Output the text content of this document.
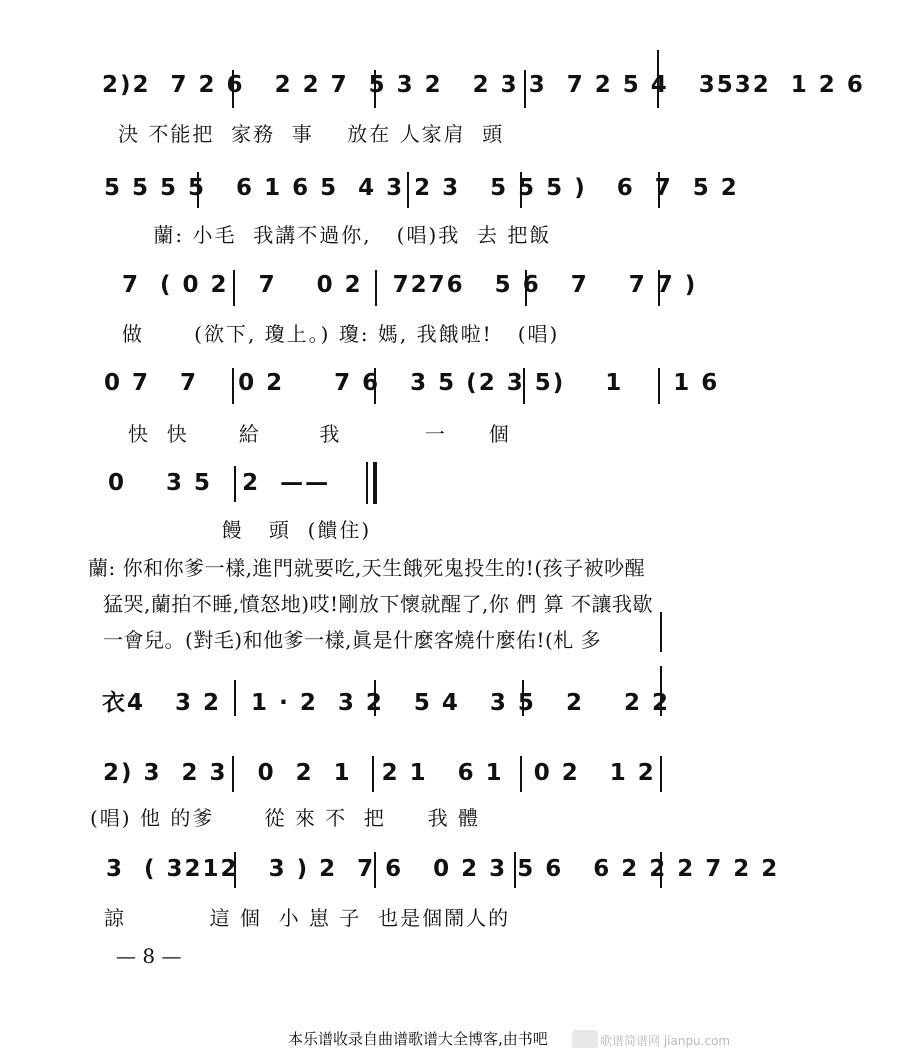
2)2  7 2 6   2 2 7  5 3 2   2 3 3  7 2 5 4   3532  1 2 6
決 不能把  家務  事    放在 人家肩  頭
5 5 5 5   6 1 6 5  4 3 2 3   5 5 5 )   6  7  5 2
蘭: 小毛  我講不過你,   (唱)我  去 把飯
7  ( 0 2   7    0 2   7276   5 6   7    7 7 )
做      (欲下, 瓊上。) 瓊: 媽, 我餓啦!   (唱)
0 7   7    0 2     7 6   3 5 (2 3 5)    1     1 6
快  快      給       我          一     個
0    3 5   2  ——
饅   頭  (饋住)
蘭: 你和你爹一樣,進門就要吃,天生餓死鬼投生的!(孩子被吵醒
猛哭,蘭拍不睡,憤怒地)哎!剛放下懷就醒了,你 們 算 不讓我歇
一會兒。(對毛)和他爹一樣,眞是什麼客燒什麼佑!(札 多
衣4   3 2   1 · 2  3 2   5 4   3 5   2    2 2
2) 3  2 3   0  2  1   2 1   6 1   0 2   1 2
(唱) 他 的爹      從 來 不  把     我 體
3  ( 3212   3 ) 2  7 6   0 2 3 5 6   6 2 2 2 7 2 2
諒          這 個  小 崽 子  也是個鬧人的
— 8 —
本乐谱收录自曲谱歌谱大全博客,由书吧	歌谱简谱网 jianpu.com
